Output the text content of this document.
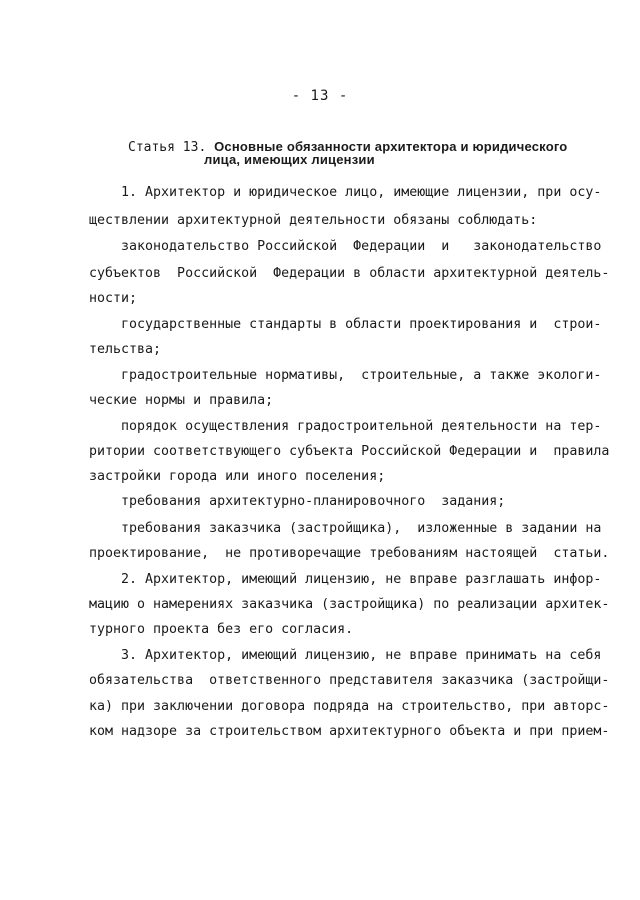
- 13 -
Статья 13. Основные обязанности архитектора и юридического
лица, имеющих лицензии
1. Архитектор и юридическое лицо, имеющие лицензии, при осу-
ществлении архитектурной деятельности обязаны соблюдать:
законодательство Российской  Федерации  и   законодательство
субъектов  Российской  Федерации в области архитектурной деятель-
ности;
государственные стандарты в области проектирования и  строи-
тельства;
градостроительные нормативы,  строительные, а также экологи-
ческие нормы и правила;
порядок осуществления градостроительной деятельности на тер-
ритории соответствующего субъекта Российской Федерации и  правила
застройки города или иного поселения;
требования архитектурно-планировочного  задания;
требования заказчика (застройщика),  изложенные в задании на
проектирование,  не противоречащие требованиям настоящей  статьи.
2. Архитектор, имеющий лицензию, не вправе разглашать инфор-
мацию о намерениях заказчика (застройщика) по реализации архитек-
турного проекта без его согласия.
3. Архитектор, имеющий лицензию, не вправе принимать на себя
обязательства  ответственного представителя заказчика (застройщи-
ка) при заключении договора подряда на строительство, при авторс-
ком надзоре за строительством архитектурного объекта и при прием-
